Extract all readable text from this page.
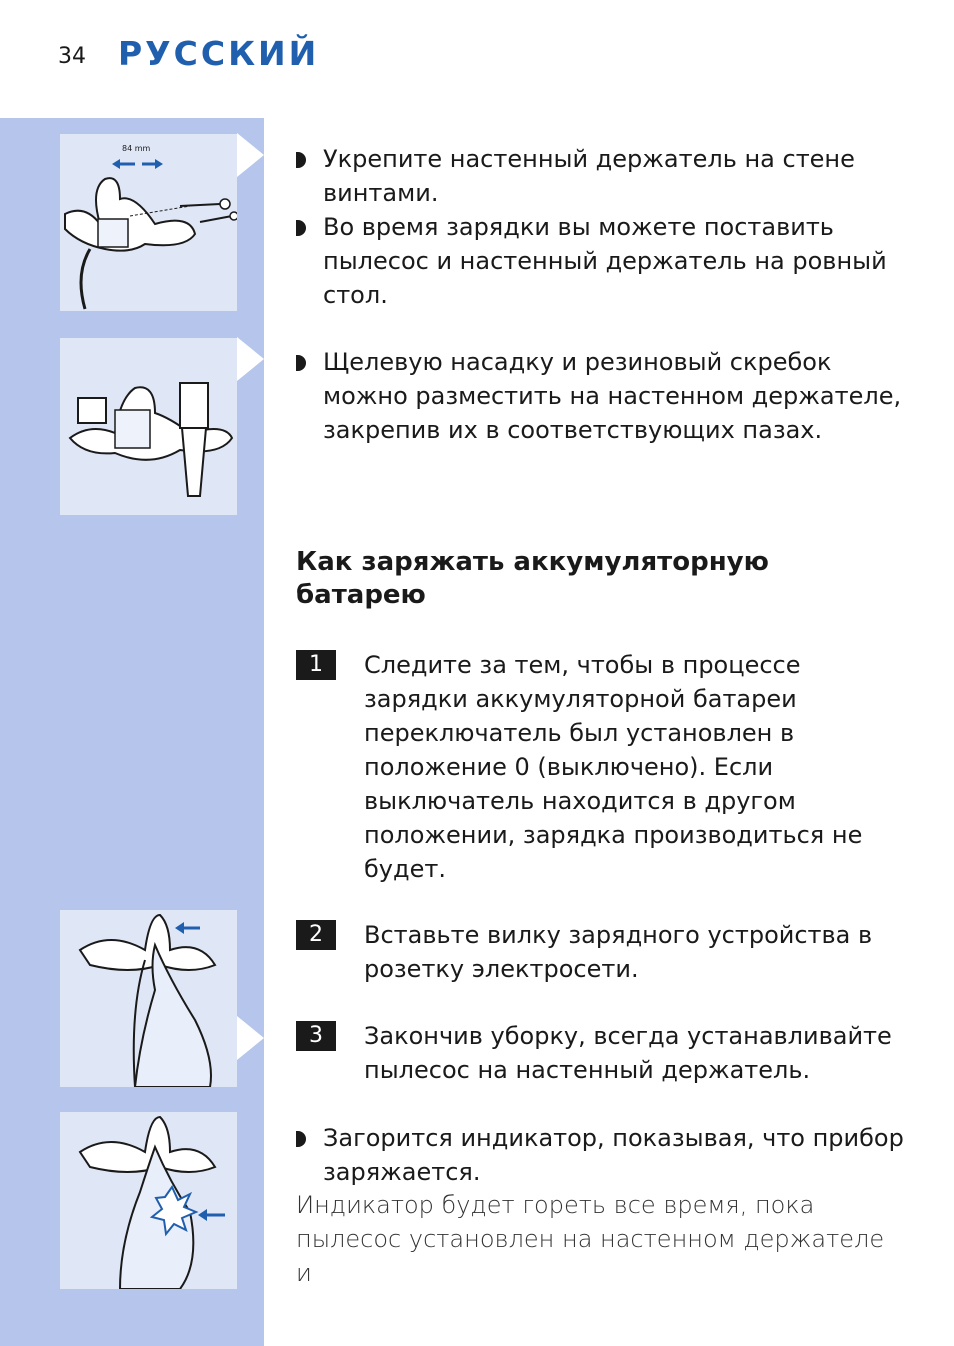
34 РУССКИЙ
84 mm	Укрепите настенный держатель на стене винтами.
Во время зарядки вы можете поставить пылесос и настенный держатель на ровный стол.
Щелевую насадку и резиновый скребок можно разместить на настенном держателе, закрепив их в соответствующих пазах.
Как заряжать аккумуляторную батарею
1	Следите за тем, чтобы в процессе зарядки аккумуляторной батареи переключатель был установлен в положение 0 (выключено). Если выключатель находится в другом положении, зарядка производиться не будет.
2	Вставьте вилку зарядного устройства в розетку электросети.
3	Закончив уборку, всегда устанавливайте пылесос на настенный держатель.
Загорится индикатор, показывая, что прибор заряжается.
Индикатор будет гореть все время, пока пылесос установлен на настенном держателе и
